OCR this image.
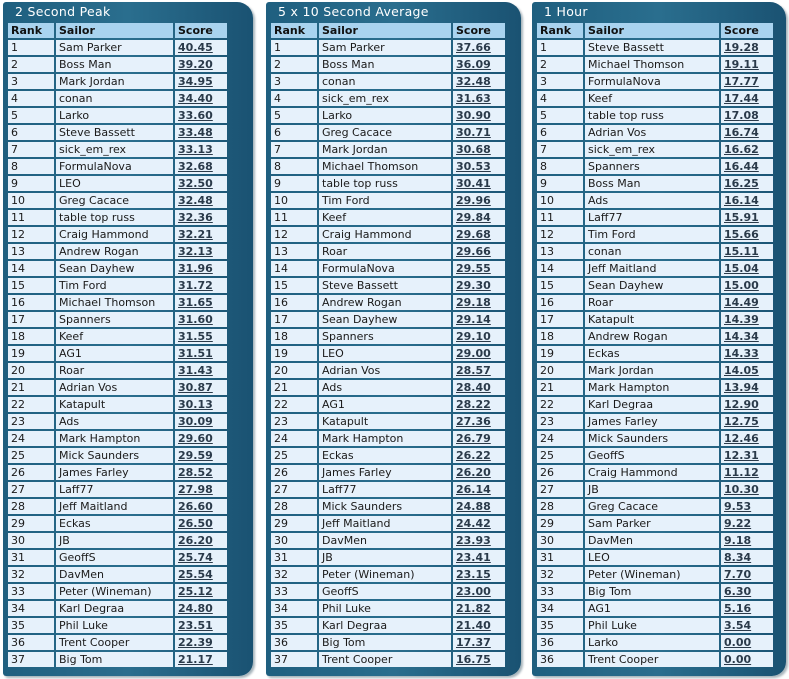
2 Second Peak
Rank	Sailor	Score
1	Sam Parker	40.45
2	Boss Man	39.20
3	Mark Jordan	34.95
4	conan	34.40
5	Larko	33.60
6	Steve Bassett	33.48
7	sick_em_rex	33.13
8	FormulaNova	32.68
9	LEO	32.50
10	Greg Cacace	32.48
11	table top russ	32.36
12	Craig Hammond	32.21
13	Andrew Rogan	32.13
14	Sean Dayhew	31.96
15	Tim Ford	31.72
16	Michael Thomson	31.65
17	Spanners	31.60
18	Keef	31.55
19	AG1	31.51
20	Roar	31.43
21	Adrian Vos	30.87
22	Katapult	30.13
23	Ads	30.09
24	Mark Hampton	29.60
25	Mick Saunders	29.59
26	James Farley	28.52
27	Laff77	27.98
28	Jeff Maitland	26.60
29	Eckas	26.50
30	JB	26.20
31	GeoffS	25.74
32	DavMen	25.54
33	Peter (Wineman)	25.12
34	Karl Degraa	24.80
35	Phil Luke	23.51
36	Trent Cooper	22.39
37	Big Tom	21.17
5 x 10 Second Average
Rank	Sailor	Score
1	Sam Parker	37.66
2	Boss Man	36.09
3	conan	32.48
4	sick_em_rex	31.63
5	Larko	30.90
6	Greg Cacace	30.71
7	Mark Jordan	30.68
8	Michael Thomson	30.53
9	table top russ	30.41
10	Tim Ford	29.96
11	Keef	29.84
12	Craig Hammond	29.68
13	Roar	29.66
14	FormulaNova	29.55
15	Steve Bassett	29.30
16	Andrew Rogan	29.18
17	Sean Dayhew	29.14
18	Spanners	29.10
19	LEO	29.00
20	Adrian Vos	28.57
21	Ads	28.40
22	AG1	28.22
23	Katapult	27.36
24	Mark Hampton	26.79
25	Eckas	26.22
26	James Farley	26.20
27	Laff77	26.14
28	Mick Saunders	24.88
29	Jeff Maitland	24.42
30	DavMen	23.93
31	JB	23.41
32	Peter (Wineman)	23.15
33	GeoffS	23.00
34	Phil Luke	21.82
35	Karl Degraa	21.40
36	Big Tom	17.37
37	Trent Cooper	16.75
1 Hour
Rank	Sailor	Score
1	Steve Bassett	19.28
2	Michael Thomson	19.11
3	FormulaNova	17.77
4	Keef	17.44
5	table top russ	17.08
6	Adrian Vos	16.74
7	sick_em_rex	16.62
8	Spanners	16.44
9	Boss Man	16.25
10	Ads	16.14
11	Laff77	15.91
12	Tim Ford	15.66
13	conan	15.11
14	Jeff Maitland	15.04
15	Sean Dayhew	15.00
16	Roar	14.49
17	Katapult	14.39
18	Andrew Rogan	14.34
19	Eckas	14.33
20	Mark Jordan	14.05
21	Mark Hampton	13.94
22	Karl Degraa	12.90
23	James Farley	12.75
24	Mick Saunders	12.46
25	GeoffS	12.31
26	Craig Hammond	11.12
27	JB	10.30
28	Greg Cacace	9.53
29	Sam Parker	9.22
30	DavMen	9.18
31	LEO	8.34
32	Peter (Wineman)	7.70
33	Big Tom	6.30
34	AG1	5.16
35	Phil Luke	3.54
36	Larko	0.00
36	Trent Cooper	0.00
